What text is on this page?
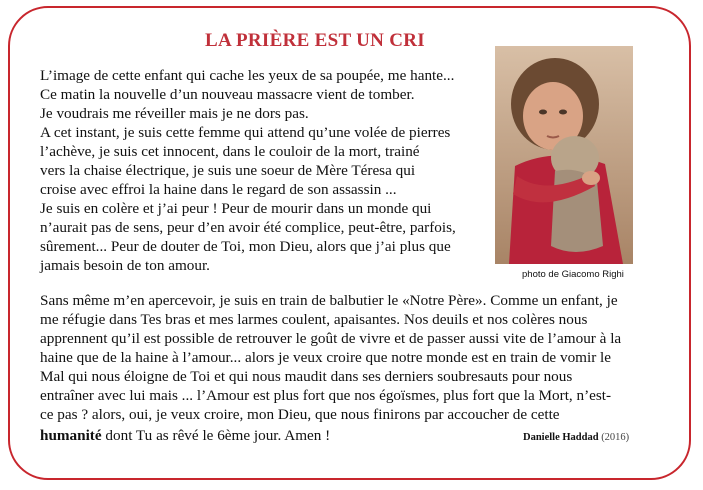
LA PRIÈRE EST UN CRI
L’image de cette enfant qui cache les yeux de sa poupée, me hante...
Ce matin la nouvelle d’un nouveau massacre vient de tomber.
Je voudrais me réveiller mais je ne dors pas.
A cet instant, je suis cette femme qui attend qu’une volée de pierres
l’achève, je suis cet innocent, dans le couloir de la mort, trainé
vers la chaise électrique, je suis une soeur de Mère Téresa qui
croise avec effroi la haine dans le regard de son assassin ...
Je suis en colère et j’ai peur ! Peur de mourir dans un monde qui
n’aurait pas de sens, peur d’en avoir été complice, peut-être, parfois,
sûrement... Peur de douter de Toi, mon Dieu, alors que j’ai plus que
jamais besoin de ton amour.
Sans même m’en apercevoir, je suis en train de balbutier le «Notre Père». Comme un enfant, je
me réfugie dans Tes bras et mes larmes coulent, apaisantes. Nos deuils et nos colères nous
apprennent qu’il est possible de retrouver le goût de vivre et de passer aussi vite de l’amour à la
haine que de la haine à l’amour... alors je veux croire que notre monde est en train de vomir le
Mal qui nous éloigne de Toi et qui nous maudit dans ses derniers soubresauts pour nous
entraîner avec lui mais ... l’Amour est plus fort que nos égoïsmes, plus fort que la Mort, n’est-
ce pas ? alors, oui, je veux croire, mon Dieu, que nous finirons par accoucher de cette
humanité dont Tu as rêvé le 6ème jour. Amen !
photo de Giacomo Righi
Danielle Haddad (2016)
